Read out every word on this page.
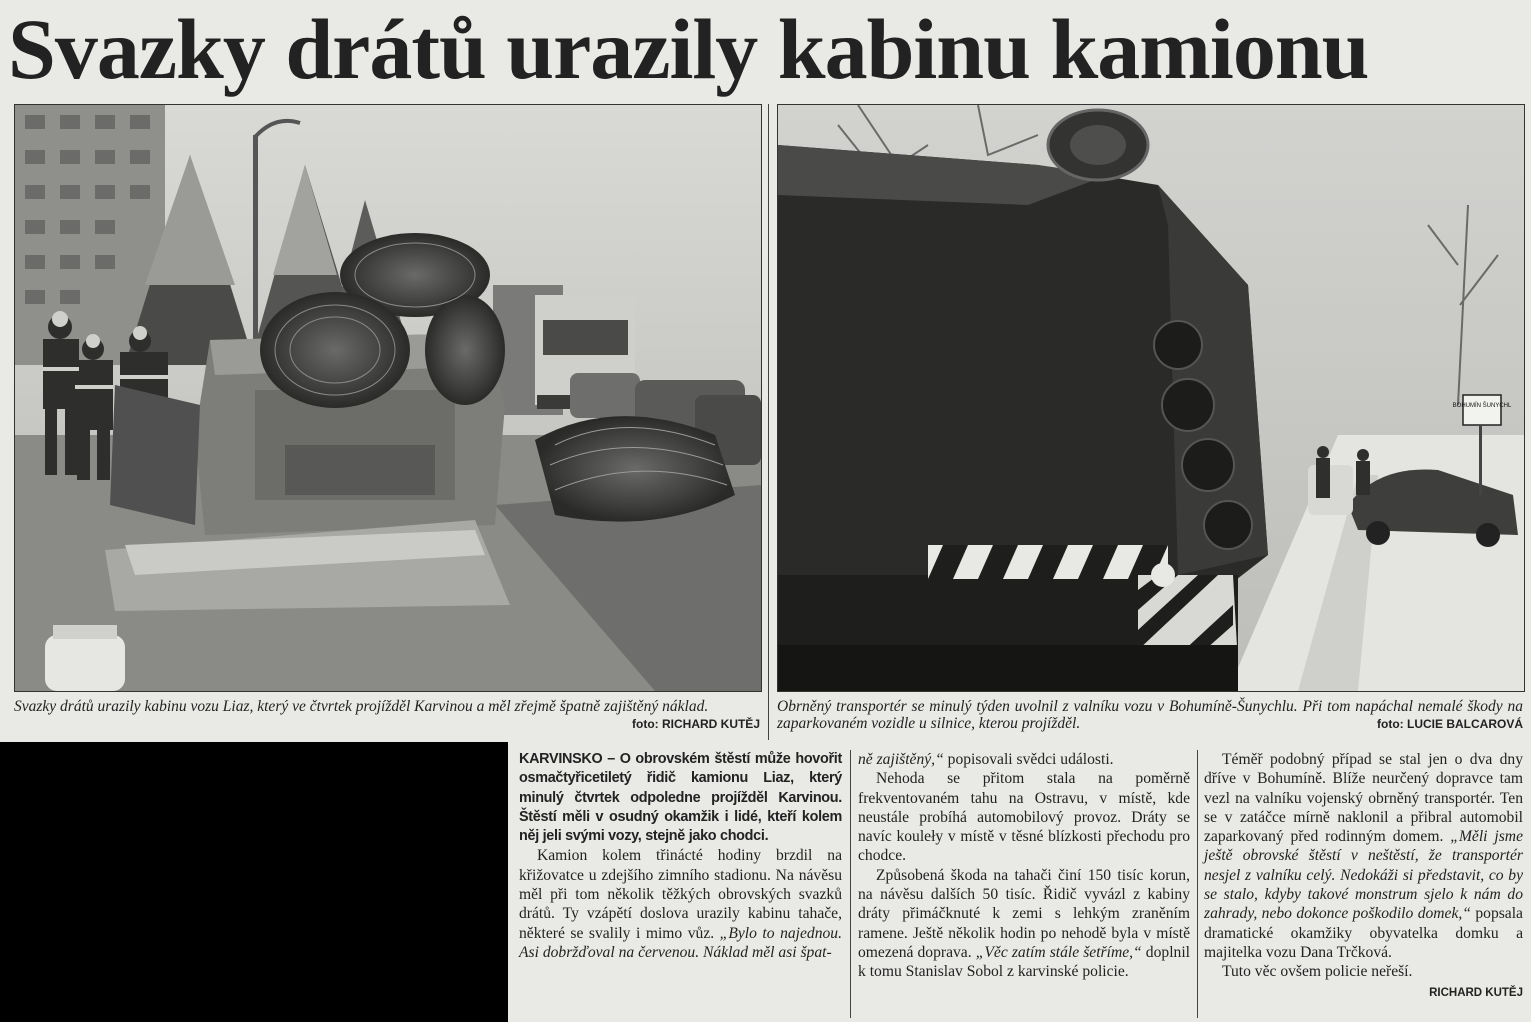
Svazky drátů urazily kabinu kamionu
Svazky drátů urazily kabinu vozu Liaz, který ve čtvrtek projížděl Karvinou a měl zřejmě špatně zajištěný náklad.
foto: RICHARD KUTĚJ
BOHUMÍN ŠUNYCHL
Obrněný transportér se minulý týden uvolnil z valníku vozu v Bohumíně-Šunychlu. Při tom napáchal nemalé škody na zaparkovaném vozidle u silnice, kterou projížděl.	foto: LUCIE BALCAROVÁ

KARVINSKO – O obrovském štěstí může hovořit osmačtyřicetiletý řidič kamionu Liaz, který minulý čtvrtek odpoledne projížděl Karvinou. Štěstí měli v osudný okamžik i lidé, kteří kolem něj jeli svými vozy, stejně jako chodci.

Kamion kolem třinácté hodiny brzdil na křižovatce u zdejšího zimního stadionu. Na návěsu měl při tom několik těžkých obrovských svazků drátů. Ty vzápětí doslova urazily kabinu tahače, některé se svalily i mimo vůz. „Bylo to najednou. Asi dobržďoval na červenou. Náklad měl asi špat-

ně zajištěný,“ popisovali svědci události.

Nehoda se přitom stala na poměrně frekventovaném tahu na Ostravu, v místě, kde neustále probíhá automobilový provoz. Dráty se navíc kouleły v místě v těsné blízkosti přechodu pro chodce.

Způsobená škoda na tahači činí 150 tisíc korun, na návěsu dalších 50 tisíc. Řidič vyvázl z kabiny dráty přimáčknuté k zemi s lehkým zraněním ramene. Ještě několik hodin po nehodě byla v místě omezená doprava. „Věc zatím stále šetříme,“ doplnil k tomu Stanislav Sobol z karvinské policie.

Téměř podobný případ se stal jen o dva dny dříve v Bohumíně. Blíže neurčený dopravce tam vezl na valníku vojenský obrněný transportér. Ten se v zatáčce mírně naklonil a přibral automobil zaparkovaný před rodinným domem. „Měli jsme ještě obrovské štěstí v neštěstí, že transportér nesjel z valníku celý. Nedokáži si představit, co by se stalo, kdyby takové monstrum sjelo k nám do zahrady, nebo dokonce poškodilo domek,“ popsala dramatické okamžiky obyvatelka domku a majitelka vozu Dana Trčková.

Tuto věc ovšem policie neřeší.

RICHARD KUTĚJ
